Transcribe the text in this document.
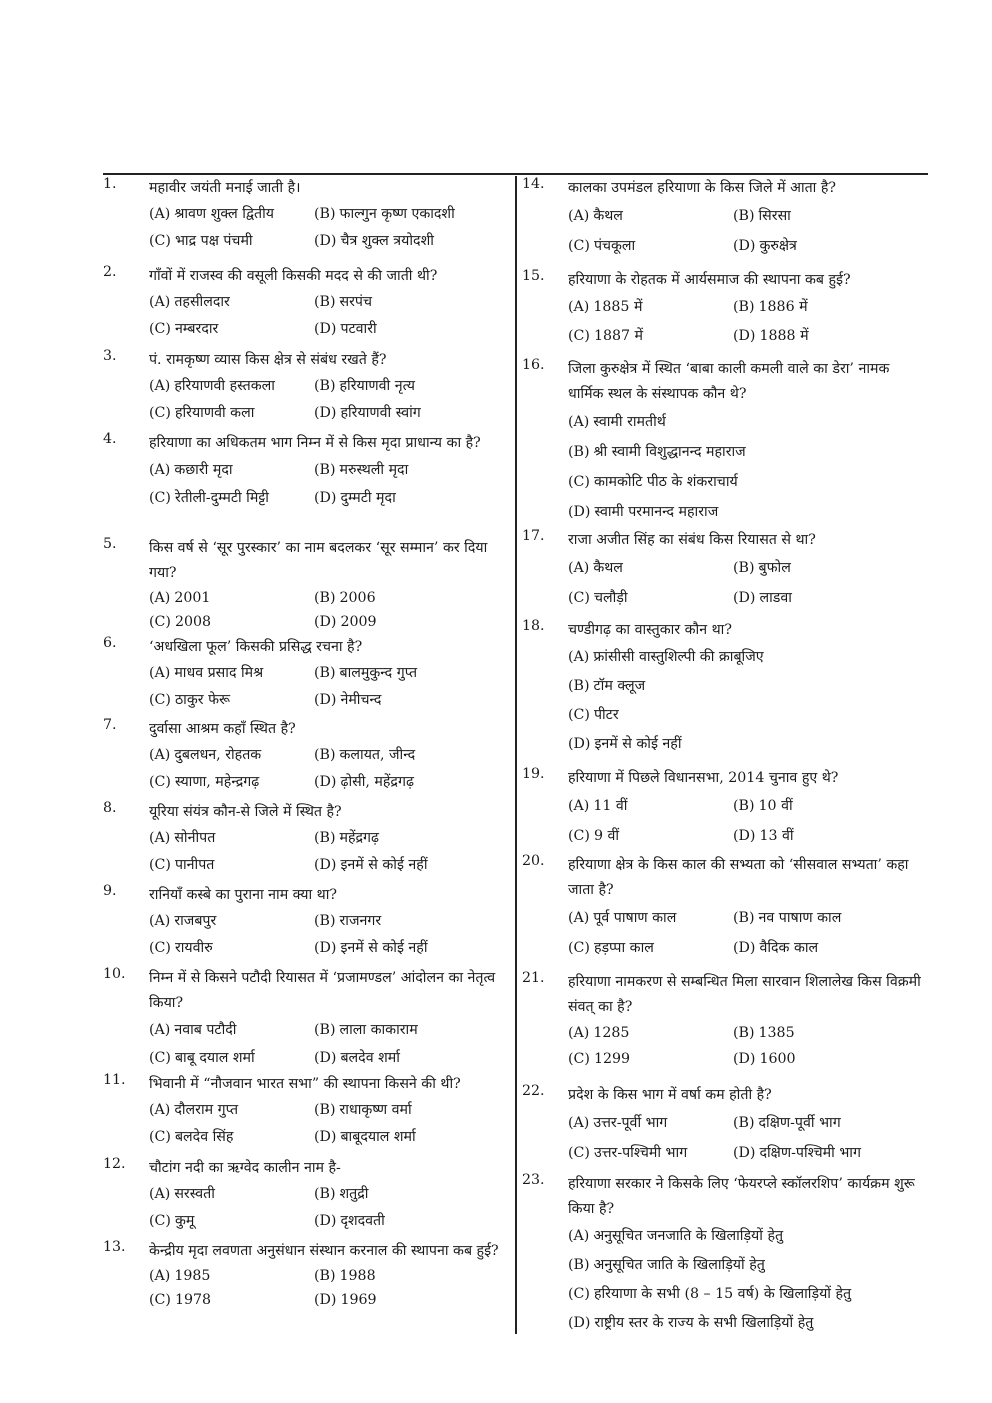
1.	महावीर जयंती मनाई जाती है।
(A) श्रावण शुक्ल द्वितीय	(B) फाल्गुन कृष्ण एकादशी
(C) भाद्र पक्ष पंचमी	(D) चैत्र शुक्ल त्रयोदशी
2.	गाँवों में राजस्व की वसूली किसकी मदद से की जाती थी?
(A) तहसीलदार	(B) सरपंच
(C) नम्बरदार	(D) पटवारी
3.	पं. रामकृष्ण व्यास किस क्षेत्र से संबंध रखते हैं?
(A) हरियाणवी हस्तकला	(B) हरियाणवी नृत्य
(C) हरियाणवी कला	(D) हरियाणवी स्वांग
4.	हरियाणा का अधिकतम भाग निम्न में से किस मृदा प्राधान्य का है?
(A) कछारी मृदा	(B) मरुस्थली मृदा
(C) रेतीली-दुम्मटी मिट्टी	(D) दुम्मटी मृदा
5.	किस वर्ष से ‘सूर पुरस्कार’ का नाम बदलकर ‘सूर सम्मान’ कर दिया गया?
(A) 2001	(B) 2006
(C) 2008	(D) 2009
6.	‘अधखिला फूल’ किसकी प्रसिद्ध रचना है?
(A) माधव प्रसाद मिश्र	(B) बालमुकुन्द गुप्त
(C) ठाकुर फेरू	(D) नेमीचन्द
7.	दुर्वासा आश्रम कहाँ स्थित है?
(A) दुबलधन, रोहतक	(B) कलायत, जीन्द
(C) स्याणा, महेन्द्रगढ़	(D) ढ़ोसी, महेंद्रगढ़
8.	यूरिया संयंत्र कौन-से जिले में स्थित है?
(A) सोनीपत	(B) महेंद्रगढ़
(C) पानीपत	(D) इनमें से कोई नहीं
9.	रानियाँ कस्बे का पुराना नाम क्या था?
(A) राजबपुर	(B) राजनगर
(C) रायवीरु	(D) इनमें से कोई नहीं
10.	निम्न में से किसने पटौदी रियासत में ‘प्रजामण्डल’ आंदोलन का नेतृत्व किया?
(A) नवाब पटौदी	(B) लाला काकाराम
(C) बाबू दयाल शर्मा	(D) बलदेव शर्मा
11.	भिवानी में “नौजवान भारत सभा” की स्थापना किसने की थी?
(A) दौलराम गुप्त	(B) राधाकृष्ण वर्मा
(C) बलदेव सिंह	(D) बाबूदयाल शर्मा
12.	चौटांग नदी का ऋग्वेद कालीन नाम है-
(A) सरस्वती	(B) शतुद्री
(C) कुमू	(D) दृशदवती
13.	केन्द्रीय मृदा लवणता अनुसंधान संस्थान करनाल की स्थापना कब हुई?
(A) 1985	(B) 1988
(C) 1978	(D) 1969
14.	कालका उपमंडल हरियाणा के किस जिले में आता है?
(A) कैथल	(B) सिरसा
(C) पंचकूला	(D) कुरुक्षेत्र
15.	हरियाणा के रोहतक में आर्यसमाज की स्थापना कब हुई?
(A) 1885 में	(B) 1886 में
(C) 1887 में	(D) 1888 में
16.	जिला कुरुक्षेत्र में स्थित ‘बाबा काली कमली वाले का डेरा’ नामक धार्मिक स्थल के संस्थापक कौन थे?
(A) स्वामी रामतीर्थ
(B) श्री स्वामी विशुद्धानन्द महाराज
(C) कामकोटि पीठ के शंकराचार्य
(D) स्वामी परमानन्द महाराज
17.	राजा अजीत सिंह का संबंध किस रियासत से था?
(A) कैथल	(B) बुफोल
(C) चलौड़ी	(D) लाडवा
18.	चण्डीगढ़ का वास्तुकार कौन था?
(A) फ्रांसीसी वास्तुशिल्पी की क्राबूजिए
(B) टॉम क्लूज
(C) पीटर
(D) इनमें से कोई नहीं
19.	हरियाणा में पिछले विधानसभा, 2014 चुनाव हुए थे?
(A) 11 वीं	(B) 10 वीं
(C) 9 वीं	(D) 13 वीं
20.	हरियाणा क्षेत्र के किस काल की सभ्यता को ‘सीसवाल सभ्यता’ कहा जाता है?
(A) पूर्व पाषाण काल	(B) नव पाषाण काल
(C) हड़प्पा काल	(D) वैदिक काल
21.	हरियाणा नामकरण से सम्बन्धित मिला सारवान शिलालेख किस विक्रमी संवत् का है?
(A) 1285	(B) 1385
(C) 1299	(D) 1600
22.	प्रदेश के किस भाग में वर्षा कम होती है?
(A) उत्तर-पूर्वी भाग	(B) दक्षिण-पूर्वी भाग
(C) उत्तर-पश्चिमी भाग	(D) दक्षिण-पश्चिमी भाग
23.	हरियाणा सरकार ने किसके लिए ‘फेयरप्ले स्कॉलरशिप’ कार्यक्रम शुरू किया है?
(A) अनुसूचित जनजाति के खिलाड़ियों हेतु
(B) अनुसूचित जाति के खिलाड़ियों हेतु
(C) हरियाणा के सभी (8 – 15 वर्ष) के खिलाड़ियों हेतु
(D) राष्ट्रीय स्तर के राज्य के सभी खिलाड़ियों हेतु
